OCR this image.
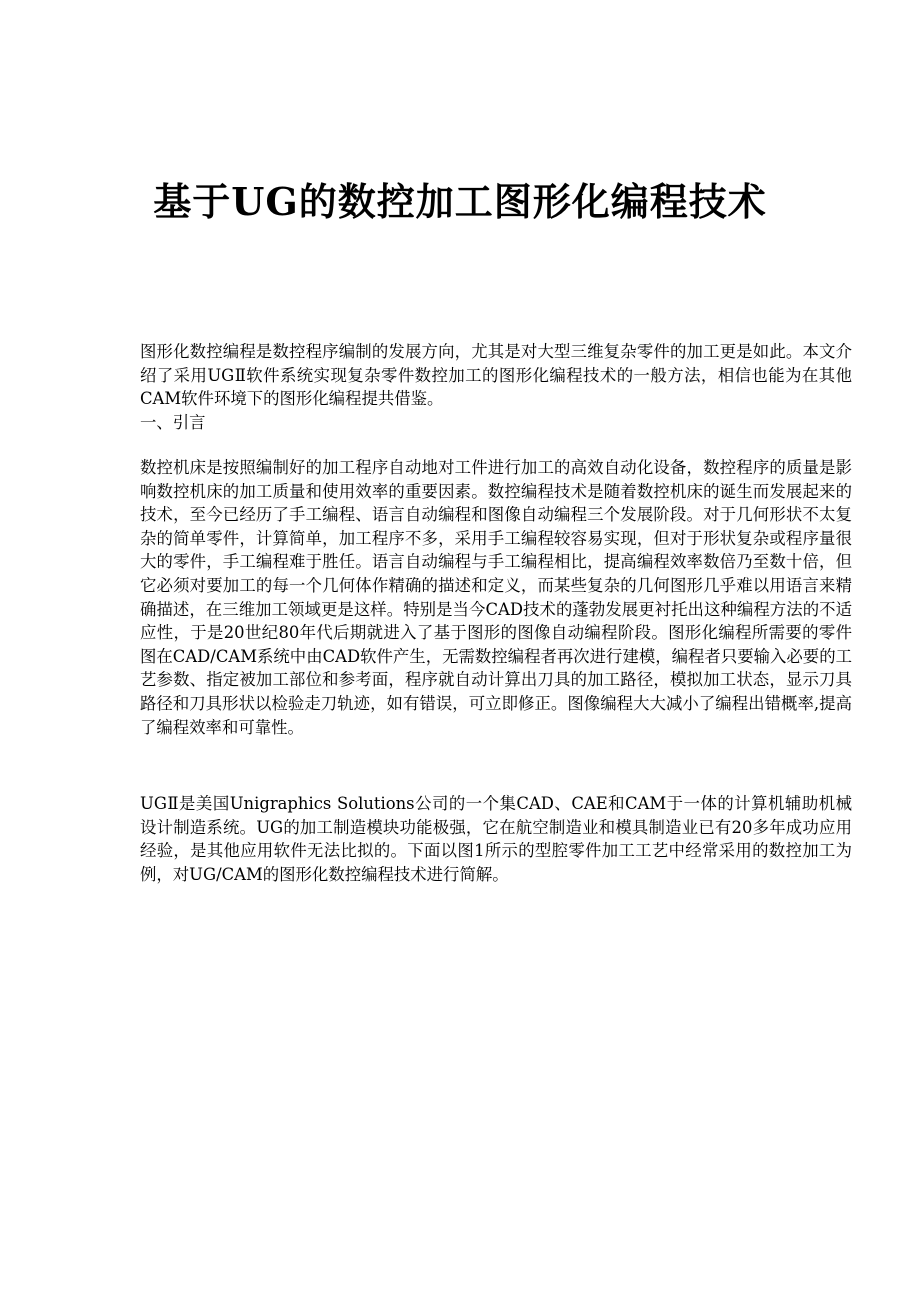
基于UG的数控加工图形化编程技术

图形化数控编程是数控程序编制的发展方向，尤其是对大型三维复杂零件的加工更是如此。本文介绍了采用UGⅡ软件系统实现复杂零件数控加工的图形化编程技术的一般方法，相信也能为在其他CAM软件环境下的图形化编程提共借鉴。

一、引言

数控机床是按照编制好的加工程序自动地对工件进行加工的高效自动化设备，数控程序的质量是影响数控机床的加工质量和使用效率的重要因素。数控编程技术是随着数控机床的诞生而发展起来的技术，至今已经历了手工编程、语言自动编程和图像自动编程三个发展阶段。对于几何形状不太复杂的简单零件，计算简单，加工程序不多，采用手工编程较容易实现，但对于形状复杂或程序量很大的零件，手工编程难于胜任。语言自动编程与手工编程相比，提高编程效率数倍乃至数十倍，但它必须对要加工的每一个几何体作精确的描述和定义，而某些复杂的几何图形几乎难以用语言来精确描述，在三维加工领域更是这样。特别是当今CAD技术的蓬勃发展更衬托出这种编程方法的不适应性，于是20世纪80年代后期就进入了基于图形的图像自动编程阶段。图形化编程所需要的零件图在CAD/CAM系统中由CAD软件产生，无需数控编程者再次进行建模，编程者只要输入必要的工艺参数、指定被加工部位和参考面，程序就自动计算出刀具的加工路径，模拟加工状态，显示刀具路径和刀具形状以检验走刀轨迹，如有错误，可立即修正。图像编程大大减小了编程出错概率,提高了编程效率和可靠性。

UGⅡ是美国Unigraphics Solutions公司的一个集CAD、CAE和CAM于一体的计算机辅助机械设计制造系统。UG的加工制造模块功能极强，它在航空制造业和模具制造业已有20多年成功应用经验，是其他应用软件无法比拟的。下面以图1所示的型腔零件加工工艺中经常采用的数控加工为例，对UG/CAM的图形化数控编程技术进行简解。
